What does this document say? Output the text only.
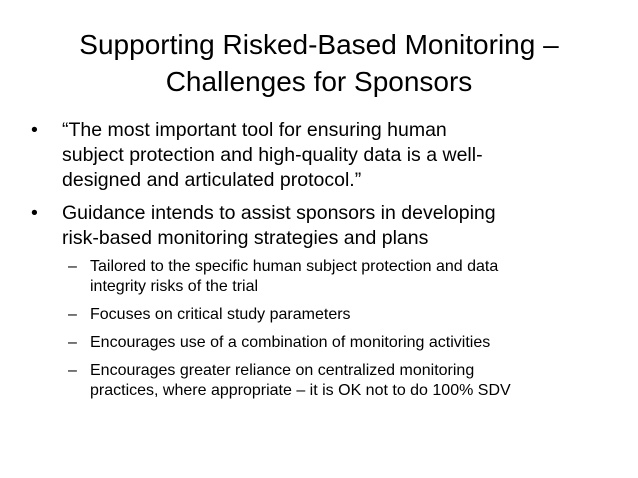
Supporting Risked-Based Monitoring –
Challenges for Sponsors
• “The most important tool for ensuring human
subject protection and high-quality data is a well-
designed and articulated protocol.”
• Guidance intends to assist sponsors in developing
risk-based monitoring strategies and plans
– Tailored to the specific human subject protection and data
integrity risks of the trial
– Focuses on critical study parameters
– Encourages use of a combination of monitoring activities
– Encourages greater reliance on centralized monitoring
practices, where appropriate – it is OK not to do 100% SDV
